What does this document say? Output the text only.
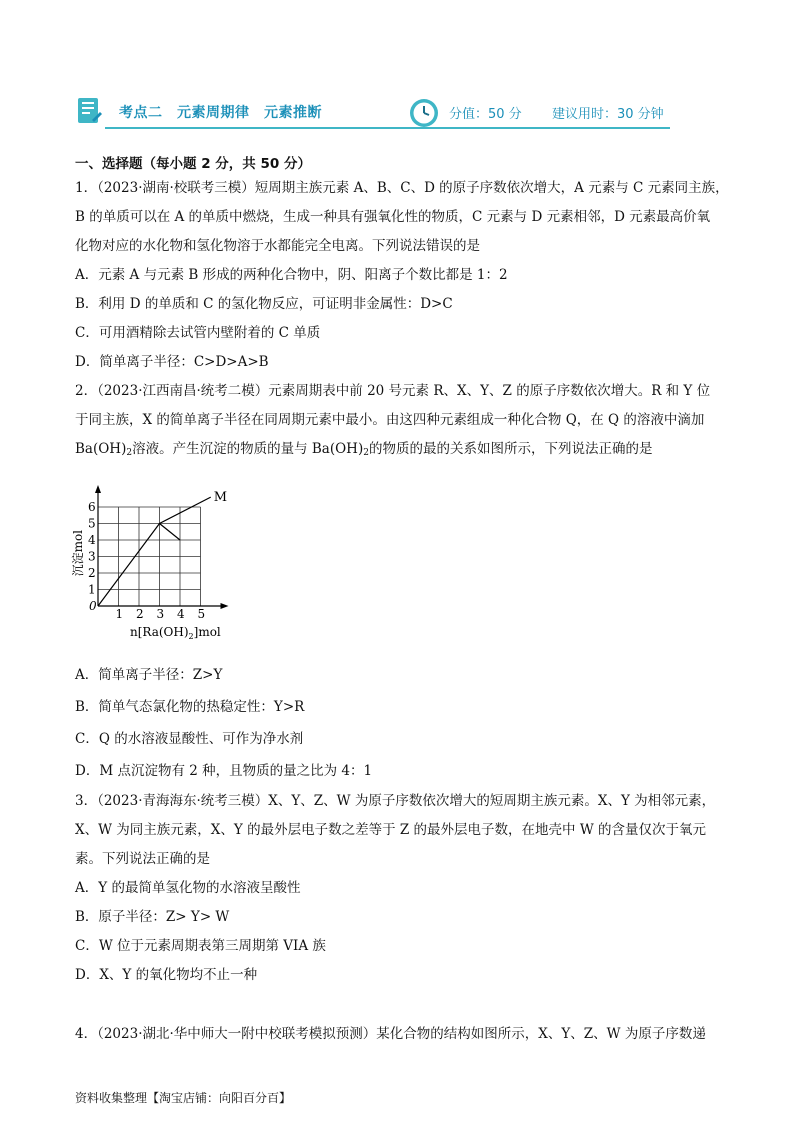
考点二　元素周期律　元素推断	分值：50 分 建议用时：30 分钟
一、选择题（每小题 2 分，共 50 分）
1．（2023·湖南·校联考三模）短周期主族元素 A、B、C、D 的原子序数依次增大，A 元素与 C 元素同主族，
B 的单质可以在 A 的单质中燃烧，生成一种具有强氧化性的物质，C 元素与 D 元素相邻，D 元素最高价氧
化物对应的水化物和氢化物溶于水都能完全电离。下列说法错误的是
A．元素 A 与元素 B 形成的两种化合物中，阴、阳离子个数比都是 1：2
B．利用 D 的单质和 C 的氢化物反应，可证明非金属性：D>C
C．可用酒精除去试管内壁附着的 C 单质
D．简单离子半径：C>D>A>B
2．（2023·江西南昌·统考二模）元素周期表中前 20 号元素 R、X、Y、Z 的原子序数依次增大。R 和 Y 位
于同主族，X 的简单离子半径在同周期元素中最小。由这四种元素组成一种化合物 Q，在 Q 的溶液中滴加
$Ba(OH)_2$溶液。产生沉淀的物质的量与 $Ba(OH)_2$的物质的最的关系如图所示，下列说法正确的是
0
1 2 3 4 5
1
2
3
4
5
6
M
沉淀mol
$n[Ra(OH)_2]mol$
A．简单离子半径：Z>Y
B．简单气态氯化物的热稳定性：Y>R
C．Q 的水溶液显酸性、可作为净水剂
D．M 点沉淀物有 2 种，且物质的量之比为 4：1
3．（2023·青海海东·统考三模）X、Y、Z、W 为原子序数依次增大的短周期主族元素。X、Y 为相邻元素，
X、W 为同主族元素，X、Y 的最外层电子数之差等于 Z 的最外层电子数，在地壳中 W 的含量仅次于氧元
素。下列说法正确的是
A．Y 的最简单氢化物的水溶液呈酸性
B．原子半径：Z> Y> W
C．W 位于元素周期表第三周期第 VIA 族
D．X、Y 的氧化物均不止一种
4．（2023·湖北·华中师大一附中校联考模拟预测）某化合物的结构如图所示，X、Y、Z、W 为原子序数递
资料收集整理【淘宝店铺：向阳百分百】
